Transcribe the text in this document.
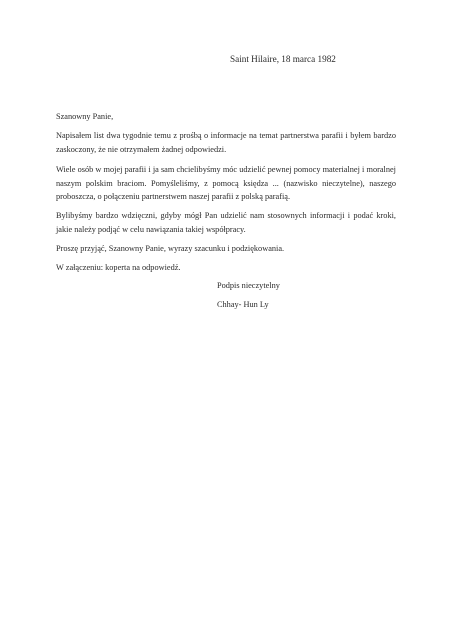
Saint Hilaire, 18 marca 1982
Szanowny Panie,
Napisałem list dwa tygodnie temu z prośbą o informacje na temat partnerstwa parafii i byłem bardzo zaskoczony, że nie otrzymałem żadnej odpowiedzi.
Wiele osób w mojej parafii i ja sam chcielibyśmy móc udzielić pewnej pomocy materialnej i moralnej naszym polskim braciom. Pomyśleliśmy, z pomocą księdza ... (nazwisko nieczytelne), naszego proboszcza, o połączeniu partnerstwem naszej parafii z polską parafią.
Bylibyśmy bardzo wdzięczni, gdyby mógł Pan udzielić nam stosownych informacji i podać kroki, jakie należy podjąć w celu nawiązania takiej współpracy.
Proszę przyjąć, Szanowny Panie, wyrazy szacunku i podziękowania.
W załączeniu: koperta na odpowiedź.
Podpis nieczytelny
Chhay- Hun Ly
